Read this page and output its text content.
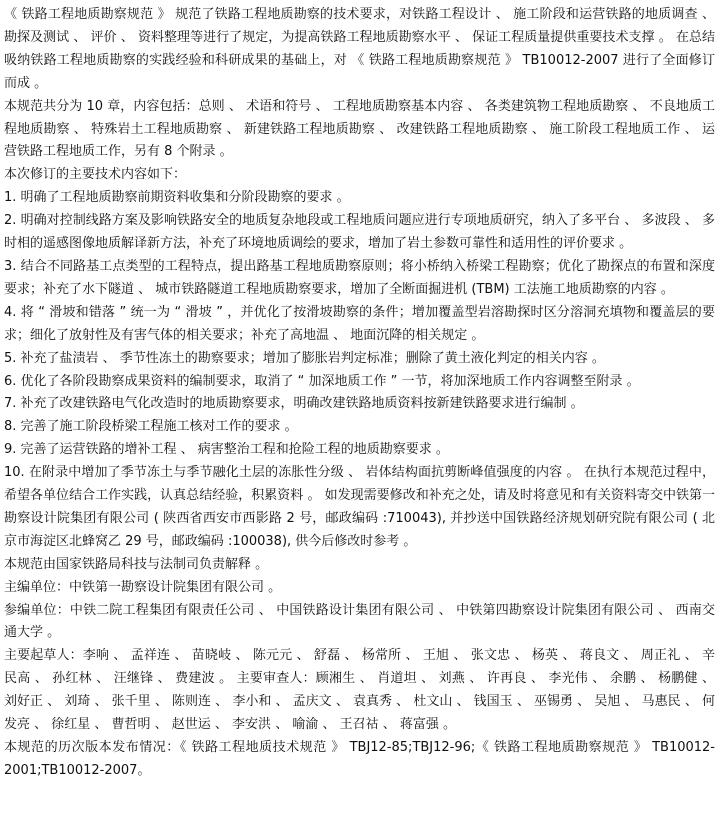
《 铁路工程地质勘察规范 》 规范了铁路工程地质勘察的技术要求，对铁路工程设计 、 施工阶段和运营铁路的地质调查 、 勘探及测试 、 评价 、 资料整理等进行了规定，为提高铁路工程地质勘察水平 、 保证工程质量提供重要技术支撑 。 在总结吸纳铁路工程地质勘察的实践经验和科研成果的基础上，对 《 铁路工程地质勘察规范 》 TB10012-2007 进行了全面修订而成 。

本规范共分为 10 章，内容包括：总则 、 术语和符号 、 工程地质勘察基本内容 、 各类建筑物工程地质勘察 、 不良地质工程地质勘察 、 特殊岩土工程地质勘察 、 新建铁路工程地质勘察 、 改建铁路工程地质勘察 、 施工阶段工程地质工作 、 运营铁路工程地质工作，另有 8 个附录 。

本次修订的主要技术内容如下：

1. 明确了工程地质勘察前期资料收集和分阶段勘察的要求 。

2. 明确对控制线路方案及影响铁路安全的地质复杂地段或工程地质问题应进行专项地质研究，纳入了多平台 、 多波段 、 多时相的遥感图像地质解译新方法，补充了环境地质调绘的要求，增加了岩土参数可靠性和适用性的评价要求 。

3. 结合不同路基工点类型的工程特点，提出路基工程地质勘察原则；将小桥纳入桥梁工程勘察；优化了勘探点的布置和深度要求；补充了水下隧道 、 城市铁路隧道工程地质勘察要求，增加了全断面掘进机 (TBM) 工法施工地质勘察的内容 。

4. 将 “ 滑坡和错落 ” 统一为 “ 滑坡 ” ，并优化了按滑坡勘察的条件；增加覆盖型岩溶勘探时区分溶洞充填物和覆盖层的要求；细化了放射性及有害气体的相关要求；补充了高地温 、 地面沉降的相关规定 。

5. 补充了盐渍岩 、 季节性冻土的勘察要求；增加了膨胀岩判定标准；删除了黄土液化判定的相关内容 。

6. 优化了各阶段勘察成果资料的编制要求，取消了 “ 加深地质工作 ” 一节，将加深地质工作内容调整至附录 。

7. 补充了改建铁路电气化改造时的地质勘察要求，明确改建铁路地质资料按新建铁路要求进行编制 。

8. 完善了施工阶段桥梁工程施工核对工作的要求 。

9. 完善了运营铁路的增补工程 、 病害整治工程和抢险工程的地质勘察要求 。

10. 在附录中增加了季节冻土与季节融化土层的冻胀性分级 、 岩体结构面抗剪断峰值强度的内容 。 在执行本规范过程中，希望各单位结合工作实践，认真总结经验，积累资料 。 如发现需要修改和补充之处，请及时将意见和有关资料寄交中铁第一勘察设计院集团有限公司 ( 陕西省西安市西影路 2 号，邮政编码 :710043), 并抄送中国铁路经济规划研究院有限公司 ( 北京市海淀区北蜂窝乙 29 号，邮政编码 :100038), 供今后修改时参考 。

本规范由国家铁路局科技与法制司负责解释 。

主编单位：中铁第一勘察设计院集团有限公司 。

参编单位：中铁二院工程集团有限责任公司 、 中国铁路设计集团有限公司 、 中铁第四勘察设计院集团有限公司 、 西南交通大学 。

主要起草人：李响 、 孟祥连 、 苗晓岐 、 陈元元 、 舒磊 、 杨常所 、 王旭 、 张文忠 、 杨英 、 蒋良文 、 周正礼 、 辛民高 、 孙红林 、 汪继锋 、 费建波 。 主要审查人：顾湘生 、 肖道坦 、 刘燕 、 许再良 、 李光伟 、 余鹏 、 杨鹏健 、 刘好正 、 刘琦 、 张千里 、 陈则连 、 李小和 、 孟庆文 、 袁真秀 、 杜文山 、 钱国玉 、 巫锡勇 、 吴旭 、 马惠民 、 何发亮 、 徐红星 、 曹哲明 、 赵世运 、 李安洪 、 喻渝 、 王召祜 、 蒋富强 。

本规范的历次版本发布情况：《 铁路工程地质技术规范 》 TBJ12-85;TBJ12-96;《 铁路工程地质勘察规范 》 TB10012-2001;TB10012-2007。
